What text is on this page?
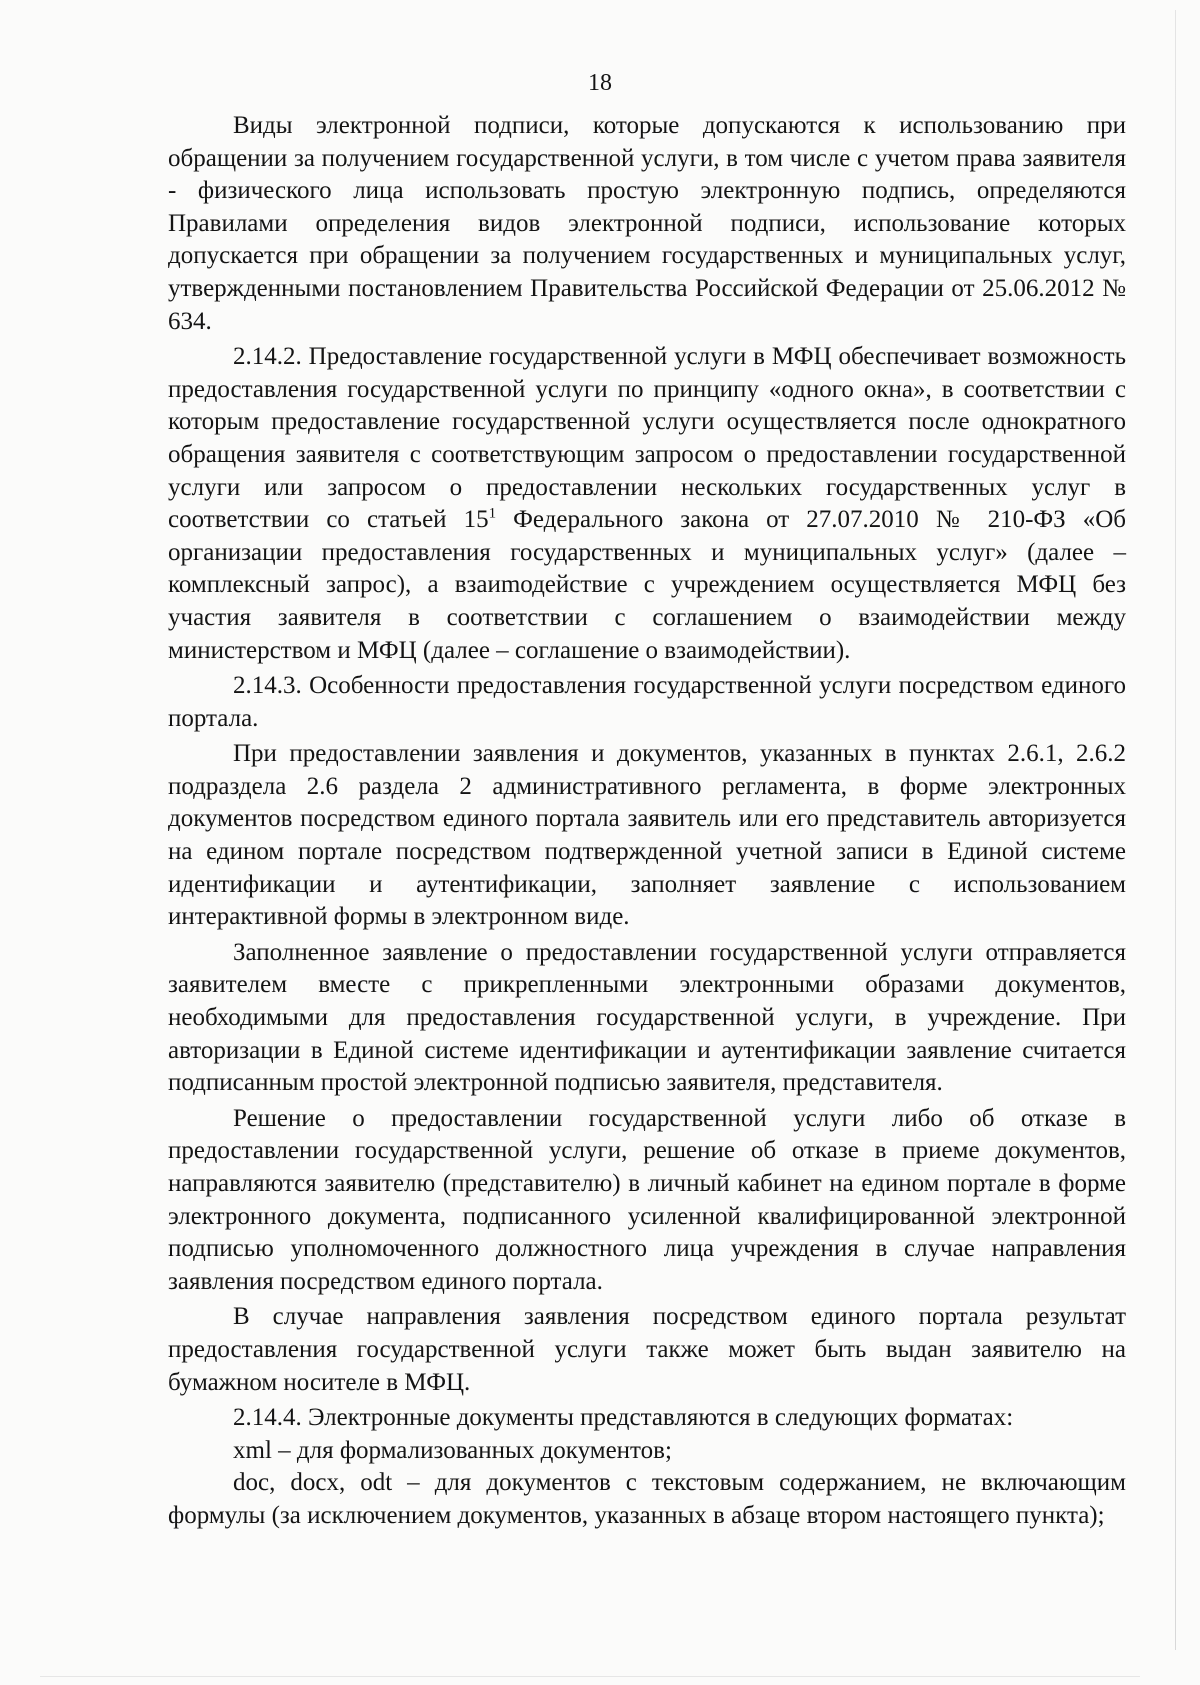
18

Виды электронной подписи, которые допускаются к использованию при обращении за получением государственной услуги, в том числе с учетом права заявителя - физического лица использовать простую электронную подпись, определяются Правилами определения видов электронной подписи, использование которых допускается при обращении за получением государственных и муниципальных услуг, утвержденными постановлением Правительства Российской Федерации от 25.06.2012 № 634.

2.14.2. Предоставление государственной услуги в МФЦ обеспечивает возможность предоставления государственной услуги по принципу «одного окна», в соответствии с которым предоставление государственной услуги осуществляется после однократного обращения заявителя с соответствующим запросом о предоставлении государственной услуги или запросом о предоставлении нескольких государственных услуг в соответствии со статьей $15^1$ Федерального закона от 27.07.2010 № 210-ФЗ «Об организации предоставления государственных и муниципальных услуг» (далее – комплексный запрос), а взаиmодействие с учреждением осуществляется МФЦ без участия заявителя в соответствии с соглашением о взаимодействии между министерством и МФЦ (далее – соглашение о взаимодействии).

2.14.3. Особенности предоставления государственной услуги посредством единого портала.

При предоставлении заявления и документов, указанных в пунктах 2.6.1, 2.6.2 подраздела 2.6 раздела 2 административного регламента, в форме электронных документов посредством единого портала заявитель или его представитель авторизуется на едином портале посредством подтвержденной учетной записи в Единой системе идентификации и аутентификации, заполняет заявление с использованием интерактивной формы в электронном виде.

Заполненное заявление о предоставлении государственной услуги отправляется заявителем вместе с прикрепленными электронными образами документов, необходимыми для предоставления государственной услуги, в учреждение. При авторизации в Единой системе идентификации и аутентификации заявление считается подписанным простой электронной подписью заявителя, представителя.

Решение о предоставлении государственной услуги либо об отказе в предоставлении государственной услуги, решение об отказе в приеме документов, направляются заявителю (представителю) в личный кабинет на едином портале в форме электронного документа, подписанного усиленной квалифицированной электронной подписью уполномоченного должностного лица учреждения в случае направления заявления посредством единого портала.

В случае направления заявления посредством единого портала результат предоставления государственной услуги также может быть выдан заявителю на бумажном носителе в МФЦ.

2.14.4. Электронные документы представляются в следующих форматах:

xml – для формализованных документов;

doc, docx, odt – для документов с текстовым содержанием, не включающим формулы (за исключением документов, указанных в абзаце втором настоящего пункта);
